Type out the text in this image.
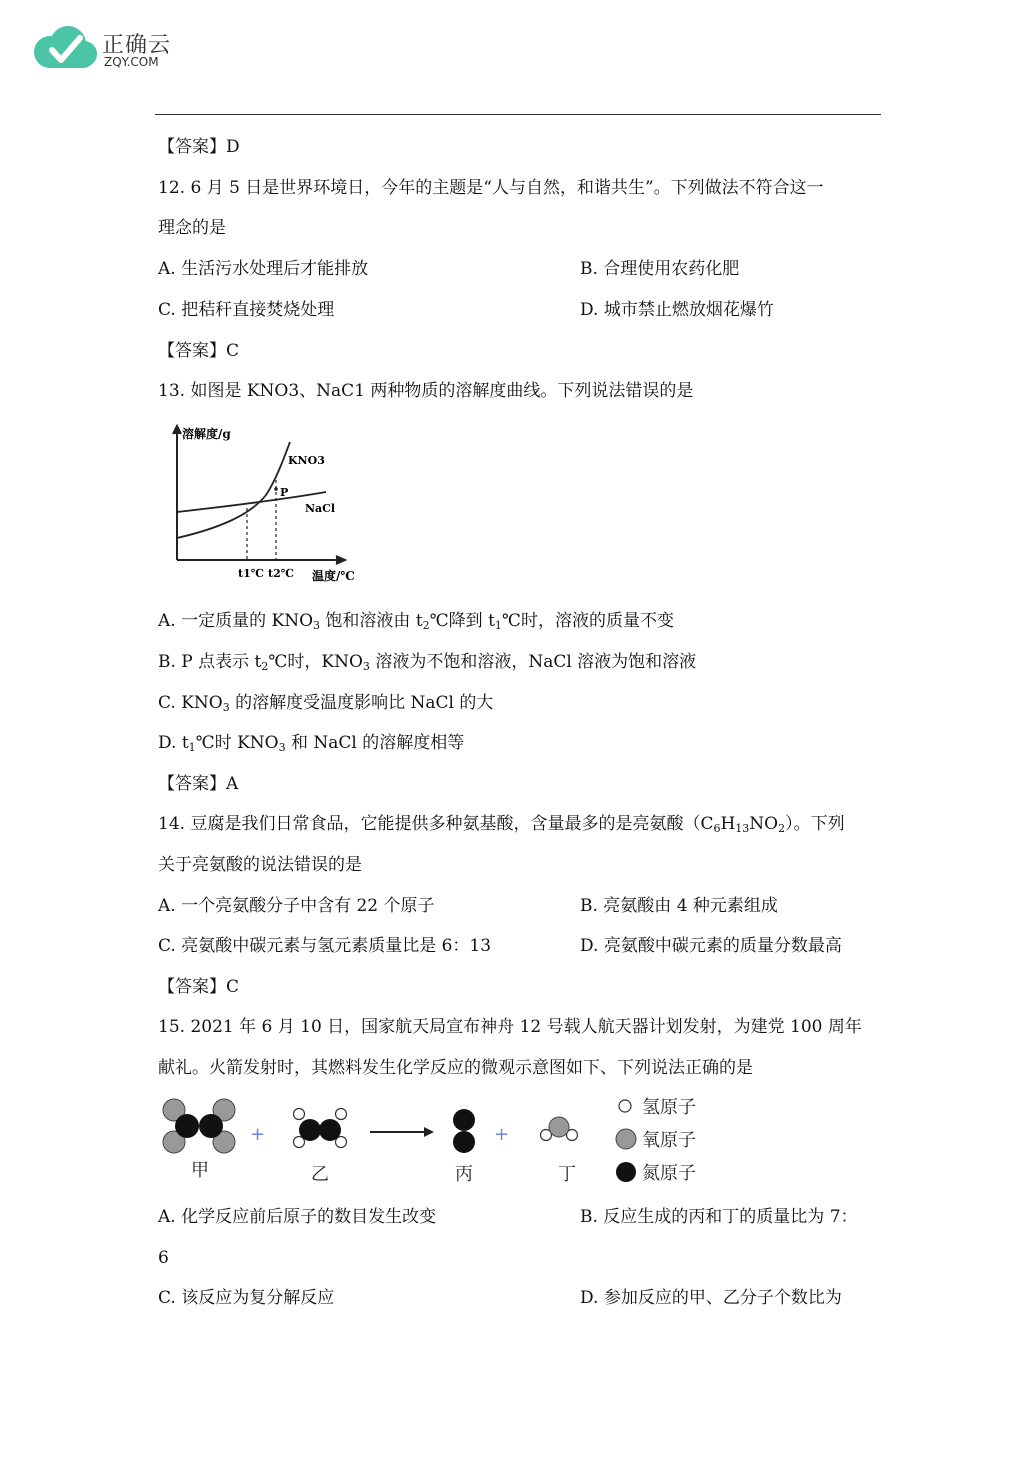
正确云
ZQY.COM
【答案】D
12. 6 月 5 日是世界环境日，今年的主题是“人与自然，和谐共生”。下列做法不符合这一
理念的是
A. 生活污水处理后才能排放	B. 合理使用农药化肥
C. 把秸秆直接焚烧处理	D. 城市禁止燃放烟花爆竹
【答案】C
13. 如图是 KNO3、NaC1 两种物质的溶解度曲线。下列说法错误的是
溶解度/g
KNO3
NaCl
P
t1℃ t2℃ 温度/℃
A. 一定质量的 $KNO_3$ 饱和溶液由 $t_2℃$降到 $t_1℃$时，溶液的质量不变
B. P 点表示 $t_2℃$时，$KNO_3$ 溶液为不饱和溶液，NaCl 溶液为饱和溶液
C. $KNO_3$ 的溶解度受温度影响比 NaCl 的大
D. $t_1℃$时 $KNO_3$ 和 NaCl 的溶解度相等
【答案】A
14. 豆腐是我们日常食品，它能提供多种氨基酸，含量最多的是亮氨酸$(C_6H_{13}NO_2)$。下列
关于亮氨酸的说法错误的是
A. 一个亮氨酸分子中含有 22 个原子	B. 亮氨酸由 4 种元素组成
C. 亮氨酸中碳元素与氢元素质量比是 6：13	D. 亮氨酸中碳元素的质量分数最高
【答案】C
15. 2021 年 6 月 10 日，国家航天局宣布神舟 12 号载人航天器计划发射，为建党 100 周年
献礼。火箭发射时，其燃料发生化学反应的微观示意图如下、下列说法正确的是
+	+
甲	乙	丙	丁
氢原子
氧原子
氮原子
A. 化学反应前后原子的数目发生改变	B. 反应生成的丙和丁的质量比为 7：
6
C. 该反应为复分解反应	D. 参加反应的甲、乙分子个数比为
